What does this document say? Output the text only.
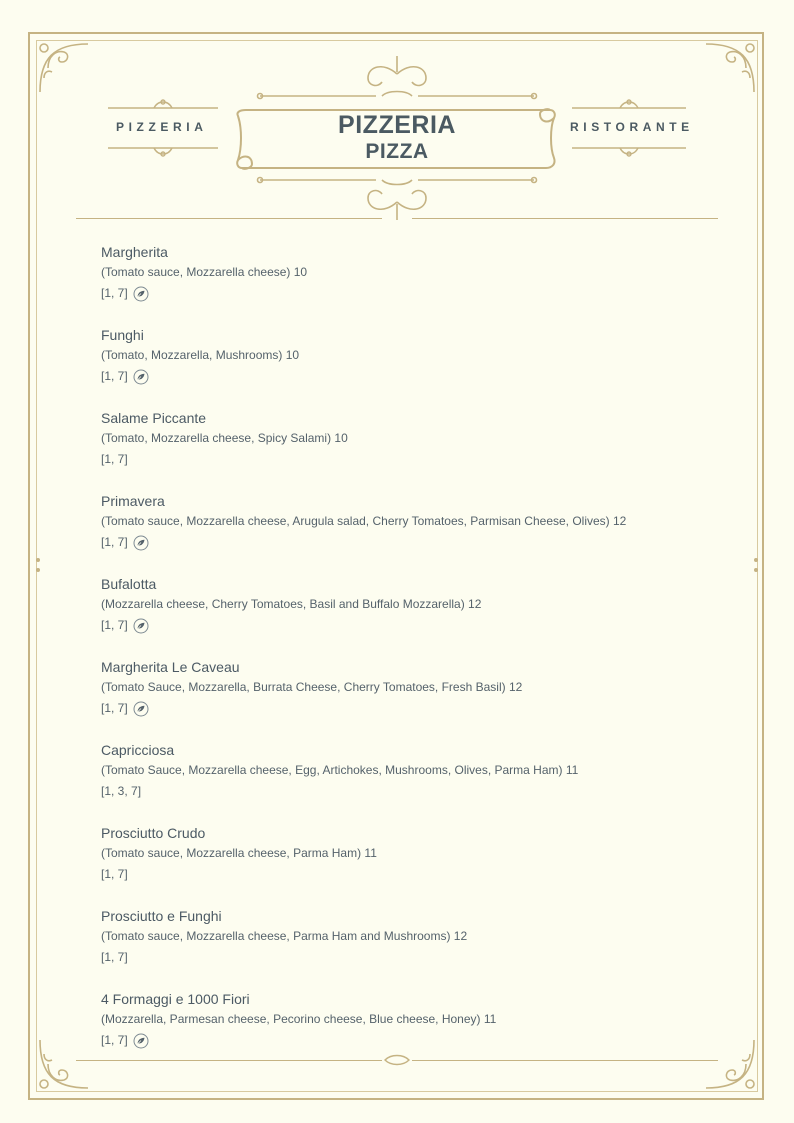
PIZZERIA	RISTORANTE
PIZZERIA
PIZZA
Margherita
(Tomato sauce, Mozzarella cheese) 10
[1, 7]
Funghi
(Tomato, Mozzarella, Mushrooms) 10
[1, 7]
Salame Piccante
(Tomato, Mozzarella cheese, Spicy Salami) 10
[1, 7]
Primavera
(Tomato sauce, Mozzarella cheese, Arugula salad, Cherry Tomatoes, Parmisan Cheese, Olives) 12
[1, 7]
Bufalotta
(Mozzarella cheese, Cherry Tomatoes, Basil and Buffalo Mozzarella) 12
[1, 7]
Margherita Le Caveau
(Tomato Sauce, Mozzarella, Burrata Cheese, Cherry Tomatoes, Fresh Basil) 12
[1, 7]
Capricciosa
(Tomato Sauce, Mozzarella cheese, Egg, Artichokes, Mushrooms, Olives, Parma Ham) 11
[1, 3, 7]
Prosciutto Crudo
(Tomato sauce, Mozzarella cheese, Parma Ham) 11
[1, 7]
Prosciutto e Funghi
(Tomato sauce, Mozzarella cheese, Parma Ham and Mushrooms) 12
[1, 7]
4 Formaggi e 1000 Fiori
(Mozzarella, Parmesan cheese, Pecorino cheese, Blue cheese, Honey) 11
[1, 7]
